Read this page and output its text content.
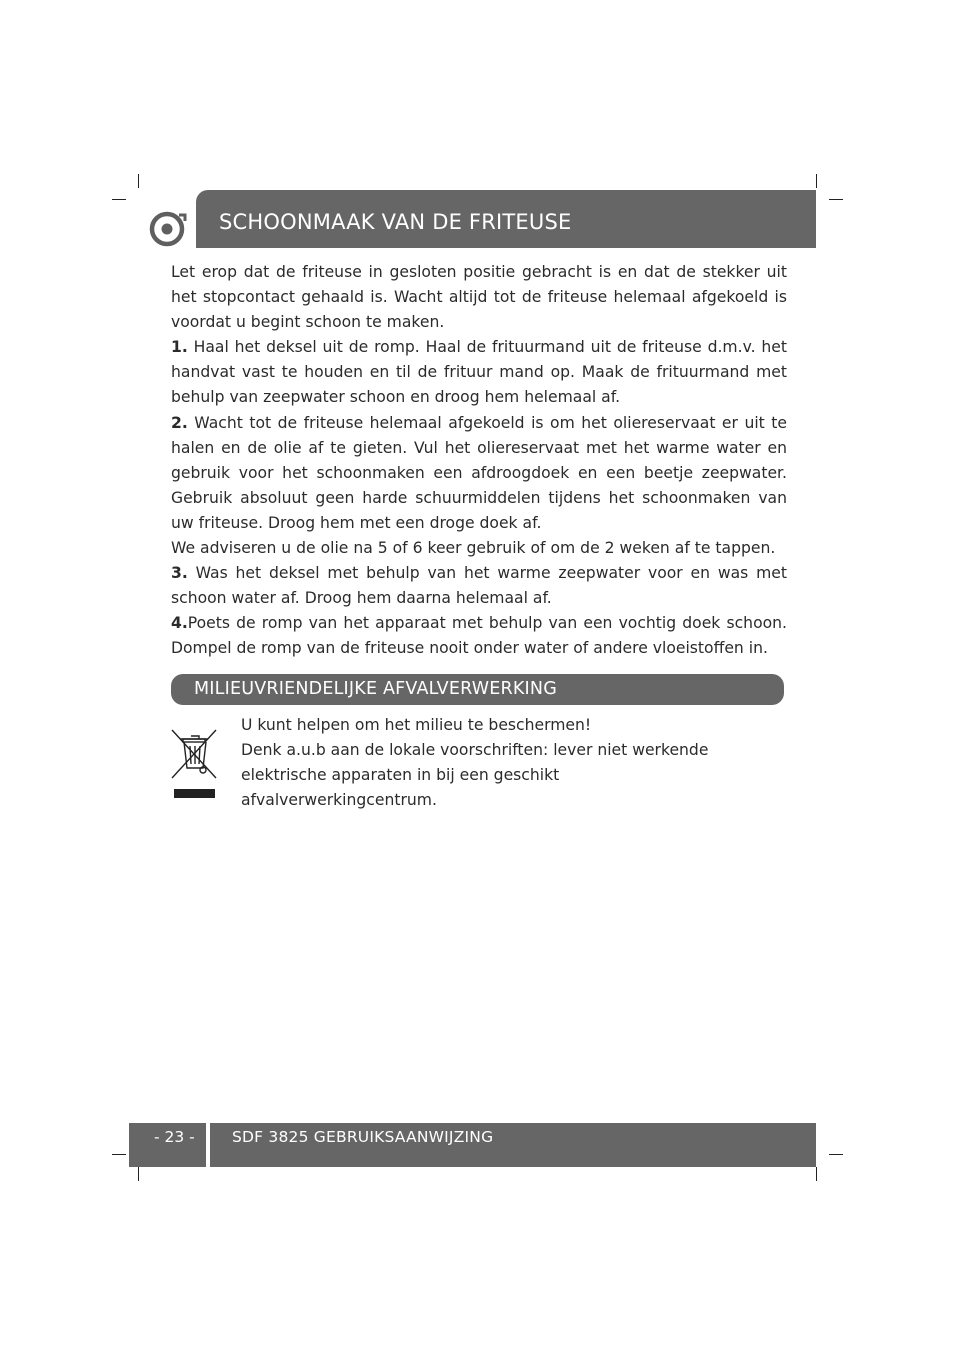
SCHOONMAAK VAN DE FRITEUSE

Let erop dat de friteuse in gesloten positie gebracht is en dat de stekker uit het stopcontact gehaald is. Wacht altijd tot de friteuse helemaal afgekoeld is voordat u begint schoon te maken.

1. Haal het deksel uit de romp. Haal de frituurmand uit de friteuse d.m.v. het handvat vast te houden en til de frituur mand op. Maak de frituurmand met behulp van zeepwater schoon en droog hem helemaal af.

2. Wacht tot de friteuse helemaal afgekoeld is om het oliereservaat er uit te halen en de olie af te gieten. Vul het oliereservaat met het warme water en gebruik voor het schoonmaken een afdroogdoek en een beetje zeepwater. Gebruik absoluut geen harde schuurmiddelen tijdens het schoonmaken van uw friteuse. Droog hem met een droge doek af.

We adviseren u de olie na 5 of 6 keer gebruik of om de 2 weken af te tappen.

3. Was het deksel met behulp van het warme zeepwater voor en was met schoon water af. Droog hem daarna helemaal af.

4.Poets de romp van het apparaat met behulp van een vochtig doek schoon. Dompel de romp van de friteuse nooit onder water of andere vloeistoffen in.

MILIEUVRIENDELIJKE AFVALVERWERKING

U kunt helpen om het milieu te beschermen!

Denk a.u.b aan de lokale voorschriften: lever niet werkende

elektrische apparaten in bij een geschikt

afvalverwerkingcentrum.

- 23 - SDF 3825 GEBRUIKSAANWIJZING
